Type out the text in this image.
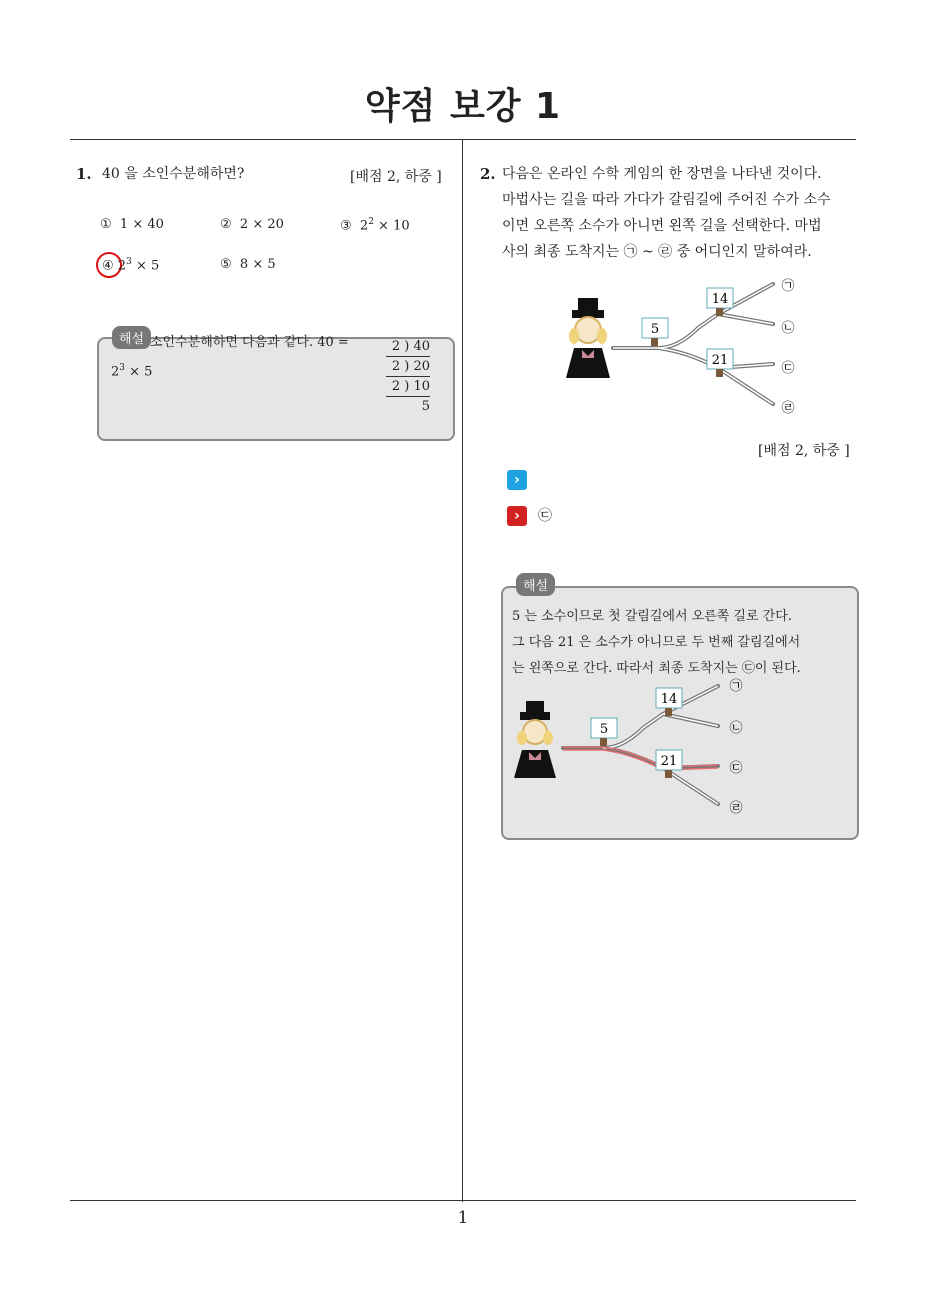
약점 보강 1
1
1. 40 을 소인수분해하면?	[배점 2, 하중 ]
① 1 × 40	② 2 × 20	③ $2^2 \times 10$
④ $2^3 \times 5$	⑤ 8 × 5
해설 소인수분해하면 다음과 같다. 40 =
$2^3 \times 5$
2 ) 40
2 ) 20
2 ) 10
5
2. 다음은 온라인 수학 게임의 한 장면을 나타낸 것이다.
마법사는 길을 따라 가다가 갈림길에 주어진 수가 소수
이면 오른쪽 소수가 아니면 왼쪽 길을 선택한다. 마법
사의 최종 도착지는 ㉠ ~ ㉣ 중 어디인지 말하여라.
5
14
21
㉠
㉡
㉢
㉣
[배점 2, 하중 ]
›
›	㉢
해설
5 는 소수이므로 첫 갈림길에서 오른쪽 길로 간다.
그 다음 21 은 소수가 아니므로 두 번째 갈림길에서
는 왼쪽으로 간다. 따라서 최종 도착지는 ㉢이 된다.
5
14
21
㉠
㉡
㉢
㉣
